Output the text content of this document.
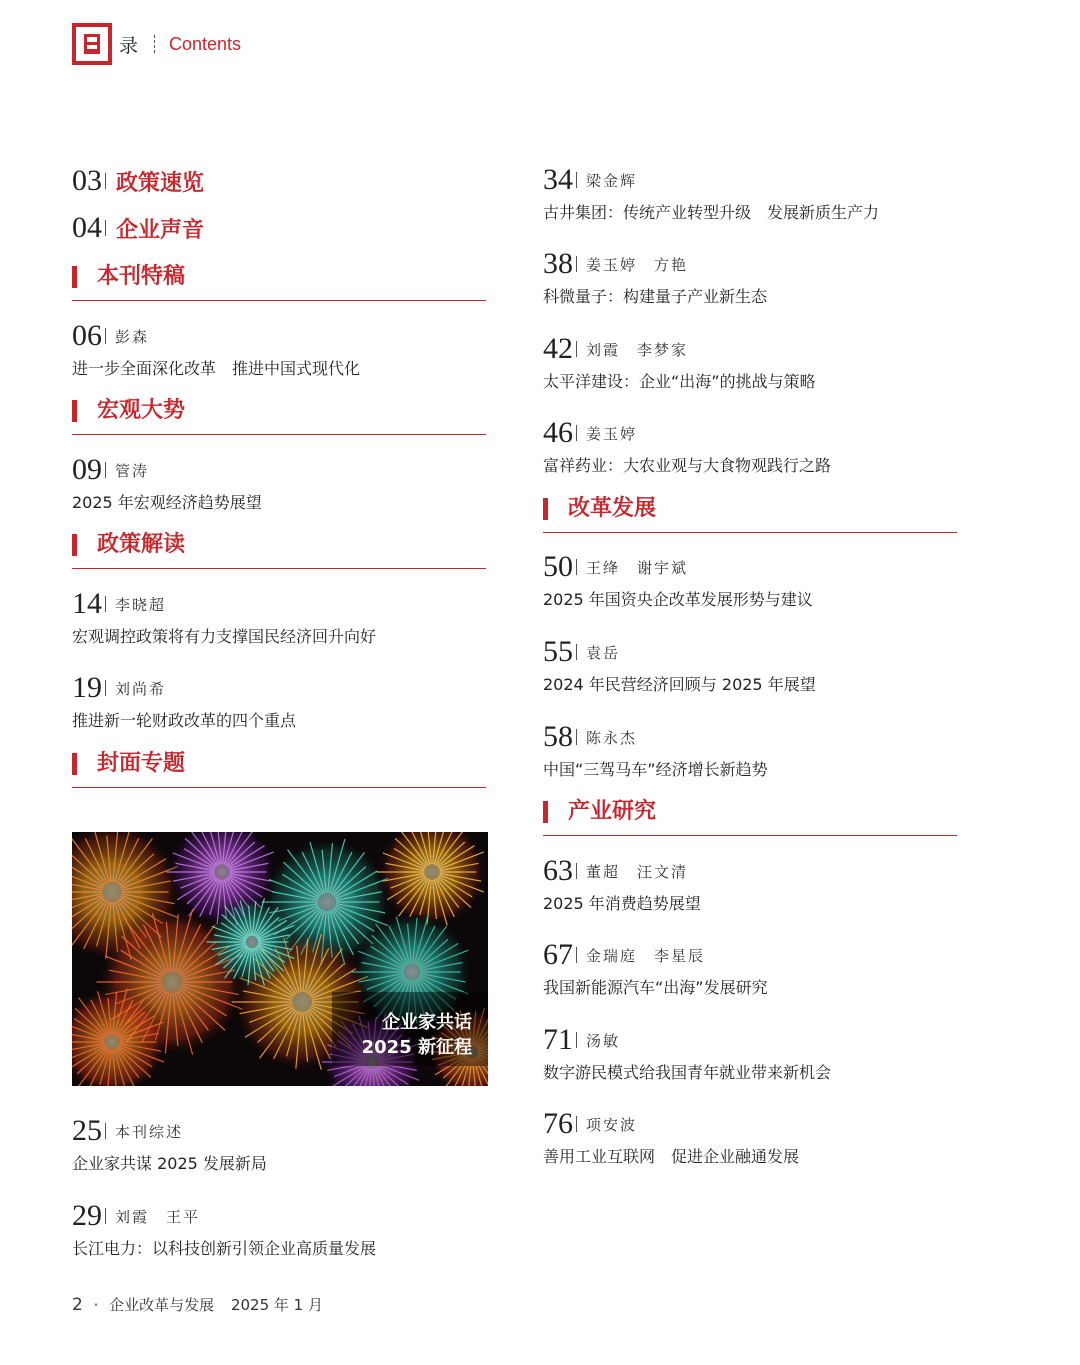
录 Contents
03 政策速览
04 企业声音
本刊特稿
06 彭森
进一步全面深化改革　推进中国式现代化
宏观大势
09 管涛
2025 年宏观经济趋势展望
政策解读
14 李晓超
宏观调控政策将有力支撑国民经济回升向好
19 刘尚希
推进新一轮财政改革的四个重点
封面专题
企业家共话
2025 新征程
25 本刊综述
企业家共谋 2025 发展新局
29 刘霞　王平
长江电力：以科技创新引领企业高质量发展
34 梁金辉
古井集团：传统产业转型升级　发展新质生产力
38 姜玉婷　方艳
科微量子：构建量子产业新生态
42 刘霞　李梦家
太平洋建设：企业“出海”的挑战与策略
46 姜玉婷
富祥药业：大农业观与大食物观践行之路
改革发展
50 王绛　谢宇斌
2025 年国资央企改革发展形势与建议
55 袁岳
2024 年民营经济回顾与 2025 年展望
58 陈永杰
中国“三驾马车”经济增长新趋势
产业研究
63 董超　汪文清
2025 年消费趋势展望
67 金瑞庭　李星辰
我国新能源汽车“出海”发展研究
71 汤敏
数字游民模式给我国青年就业带来新机会
76 项安波
善用工业互联网　促进企业融通发展
2 · 企业改革与发展 2025 年 1 月
